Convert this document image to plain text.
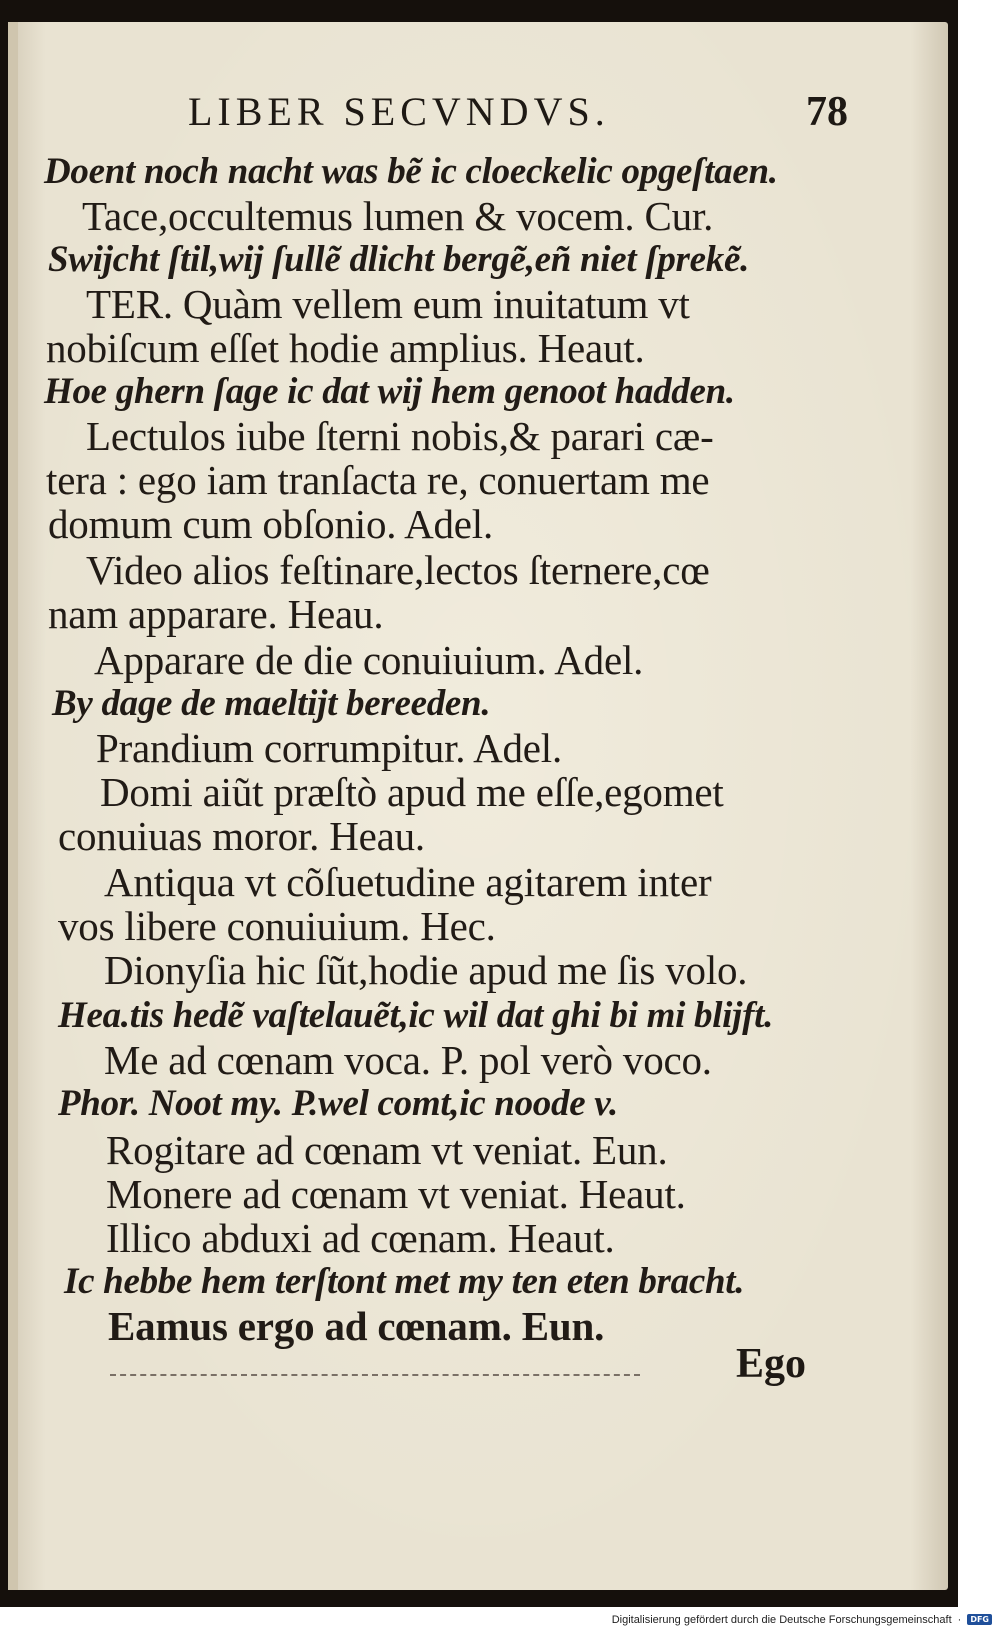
LIBER SECVNDVS.	78
Doent noch nacht was bẽ ic cloeckelic opgeſtaen.
Tace,occultemus lumen & vocem. Cur.
Swijcht ſtil,wij ſullẽ dlicht bergẽ,eñ niet ſprekẽ.
TER. Quàm vellem eum inuitatum vt
nobiſcum eſſet hodie amplius. Heaut.
Hoe ghern ſage ic dat wij hem genoot hadden.
Lectulos iube ſterni nobis,& parari cæ-
tera : ego iam tranſacta re, conuertam me
domum cum obſonio. Adel.
Video alios feſtinare,lectos ſternere,cœ
nam apparare. Heau.
Apparare de die conuiuium. Adel.
By dage de maeltijt bereeden.
Prandium corrumpitur. Adel.
Domi aiũt præſtò apud me eſſe,egomet
conuiuas moror. Heau.
Antiqua vt cõſuetudine agitarem inter
vos libere conuiuium. Hec.
Dionyſia hic ſũt,hodie apud me ſis volo.
Hea.tis hedẽ vaſtelauẽt,ic wil dat ghi bi mi blijft.
Me ad cœnam voca. P. pol verò voco.
Phor. Noot my. P.wel comt,ic noode v.
Rogitare ad cœnam vt veniat. Eun.
Monere ad cœnam vt veniat. Heaut.
Illico abduxi ad cœnam. Heaut.
Ic hebbe hem terſtont met my ten eten bracht.
Eamus ergo ad cœnam. Eun.
Ego
Digitalisierung gefördert durch die Deutsche Forschungsgemeinschaft ·	DFG
